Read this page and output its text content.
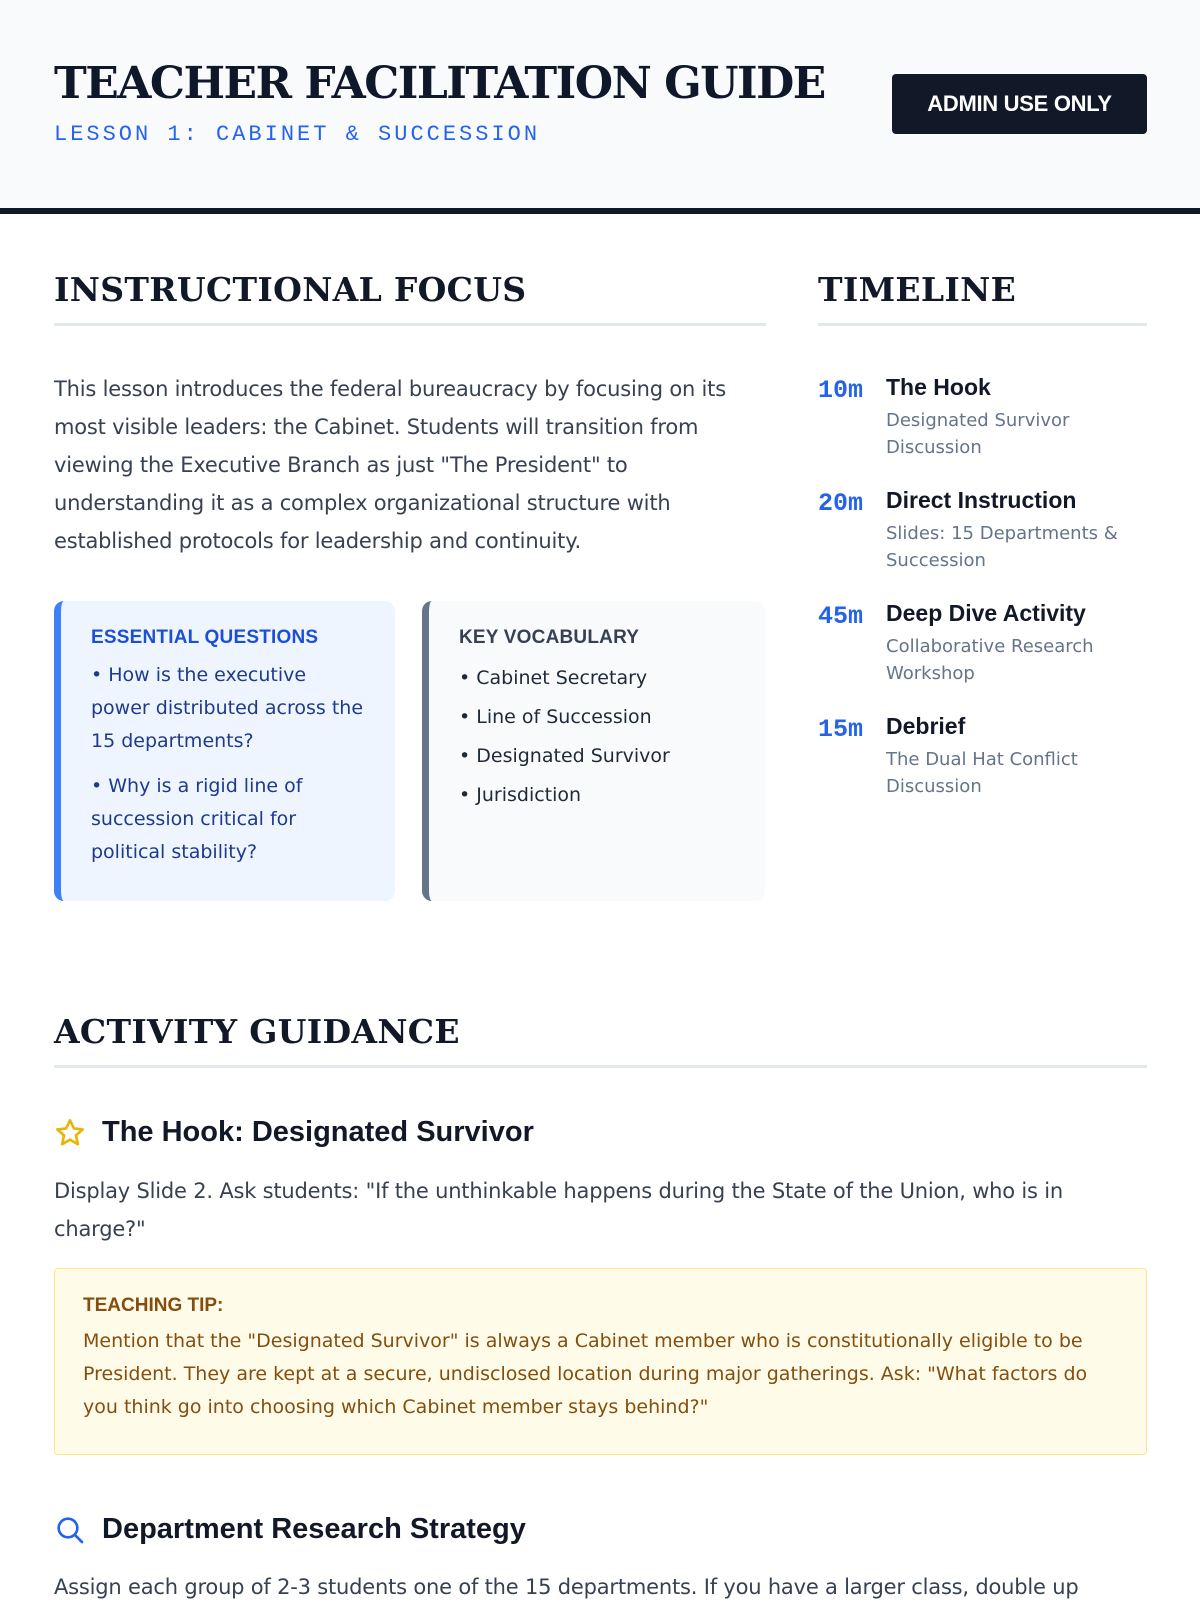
TEACHER FACILITATION GUIDE
LESSON 1: CABINET & SUCCESSION
ADMIN USE ONLY
INSTRUCTIONAL FOCUS
This lesson introduces the federal bureaucracy by focusing on its most visible leaders: the Cabinet. Students will transition from viewing the Executive Branch as just "The President" to understanding it as a complex organizational structure with established protocols for leadership and continuity.
ESSENTIAL QUESTIONS
• How is the executive power distributed across the 15 departments?
• Why is a rigid line of succession critical for political stability?
KEY VOCABULARY
• Cabinet Secretary
• Line of Succession
• Designated Survivor
• Jurisdiction
TIMELINE
10m The Hook
Designated Survivor Discussion
20m Direct Instruction
Slides: 15 Departments & Succession
45m Deep Dive Activity
Collaborative Research Workshop
15m Debrief
The Dual Hat Conflict Discussion
ACTIVITY GUIDANCE
The Hook: Designated Survivor
Display Slide 2. Ask students: "If the unthinkable happens during the State of the Union, who is in charge?"
TEACHING TIP:
Mention that the "Designated Survivor" is always a Cabinet member who is constitutionally eligible to be President. They are kept at a secure, undisclosed location during major gatherings. Ask: "What factors do you think go into choosing which Cabinet member stays behind?"
Department Research Strategy
Assign each group of 2-3 students one of the 15 departments. If you have a larger class, double up
